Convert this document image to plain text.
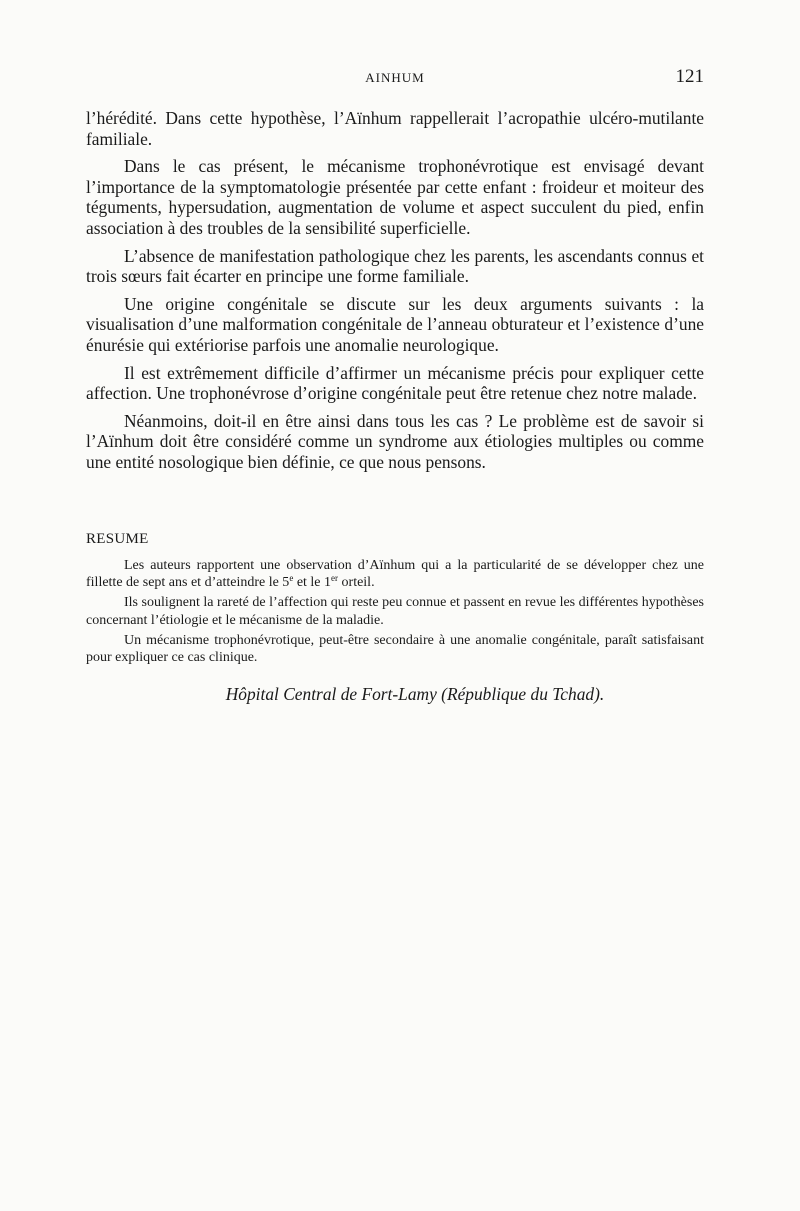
AINHUM	121

l’hérédité. Dans cette hypothèse, l’Aïnhum rappellerait l’acropathie ulcéro-mutilante familiale.

Dans le cas présent, le mécanisme trophonévrotique est envisagé devant l’importance de la symptomatologie présentée par cette enfant : froideur et moiteur des téguments, hypersudation, augmentation de volume et aspect succulent du pied, enfin association à des troubles de la sensibilité superficielle.

L’absence de manifestation pathologique chez les parents, les ascendants connus et trois sœurs fait écarter en principe une forme familiale.

Une origine congénitale se discute sur les deux arguments suivants : la visualisation d’une malformation congénitale de l’anneau obturateur et l’existence d’une énurésie qui extériorise parfois une anomalie neurologique.

Il est extrêmement difficile d’affirmer un mécanisme précis pour expliquer cette affection. Une trophonévrose d’origine congénitale peut être retenue chez notre malade.

Néanmoins, doit-il en être ainsi dans tous les cas ? Le problème est de savoir si l’Aïnhum doit être considéré comme un syndrome aux étiologies multiples ou comme une entité nosologique bien définie, ce que nous pensons.

RESUME

Les auteurs rapportent une observation d’Aïnhum qui a la particularité de se développer chez une fillette de sept ans et d’atteindre le 5e et le 1er orteil.

Ils soulignent la rareté de l’affection qui reste peu connue et passent en revue les différentes hypothèses concernant l’étiologie et le mécanisme de la maladie.

Un mécanisme trophonévrotique, peut-être secondaire à une anomalie congénitale, paraît satisfaisant pour expliquer ce cas clinique.

Hôpital Central de Fort-Lamy (République du Tchad).
